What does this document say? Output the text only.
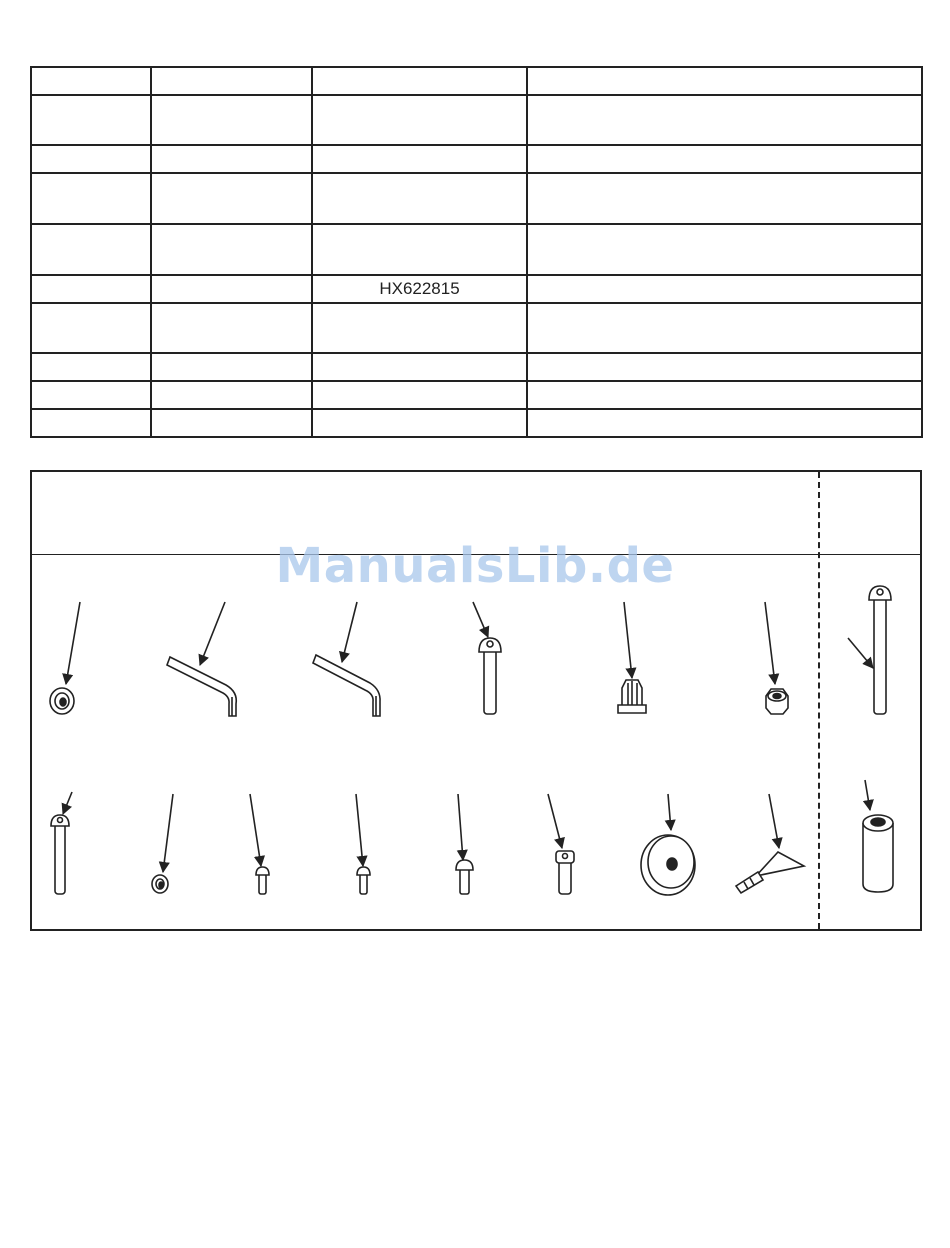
		HX622815	

ManualsLib.de
